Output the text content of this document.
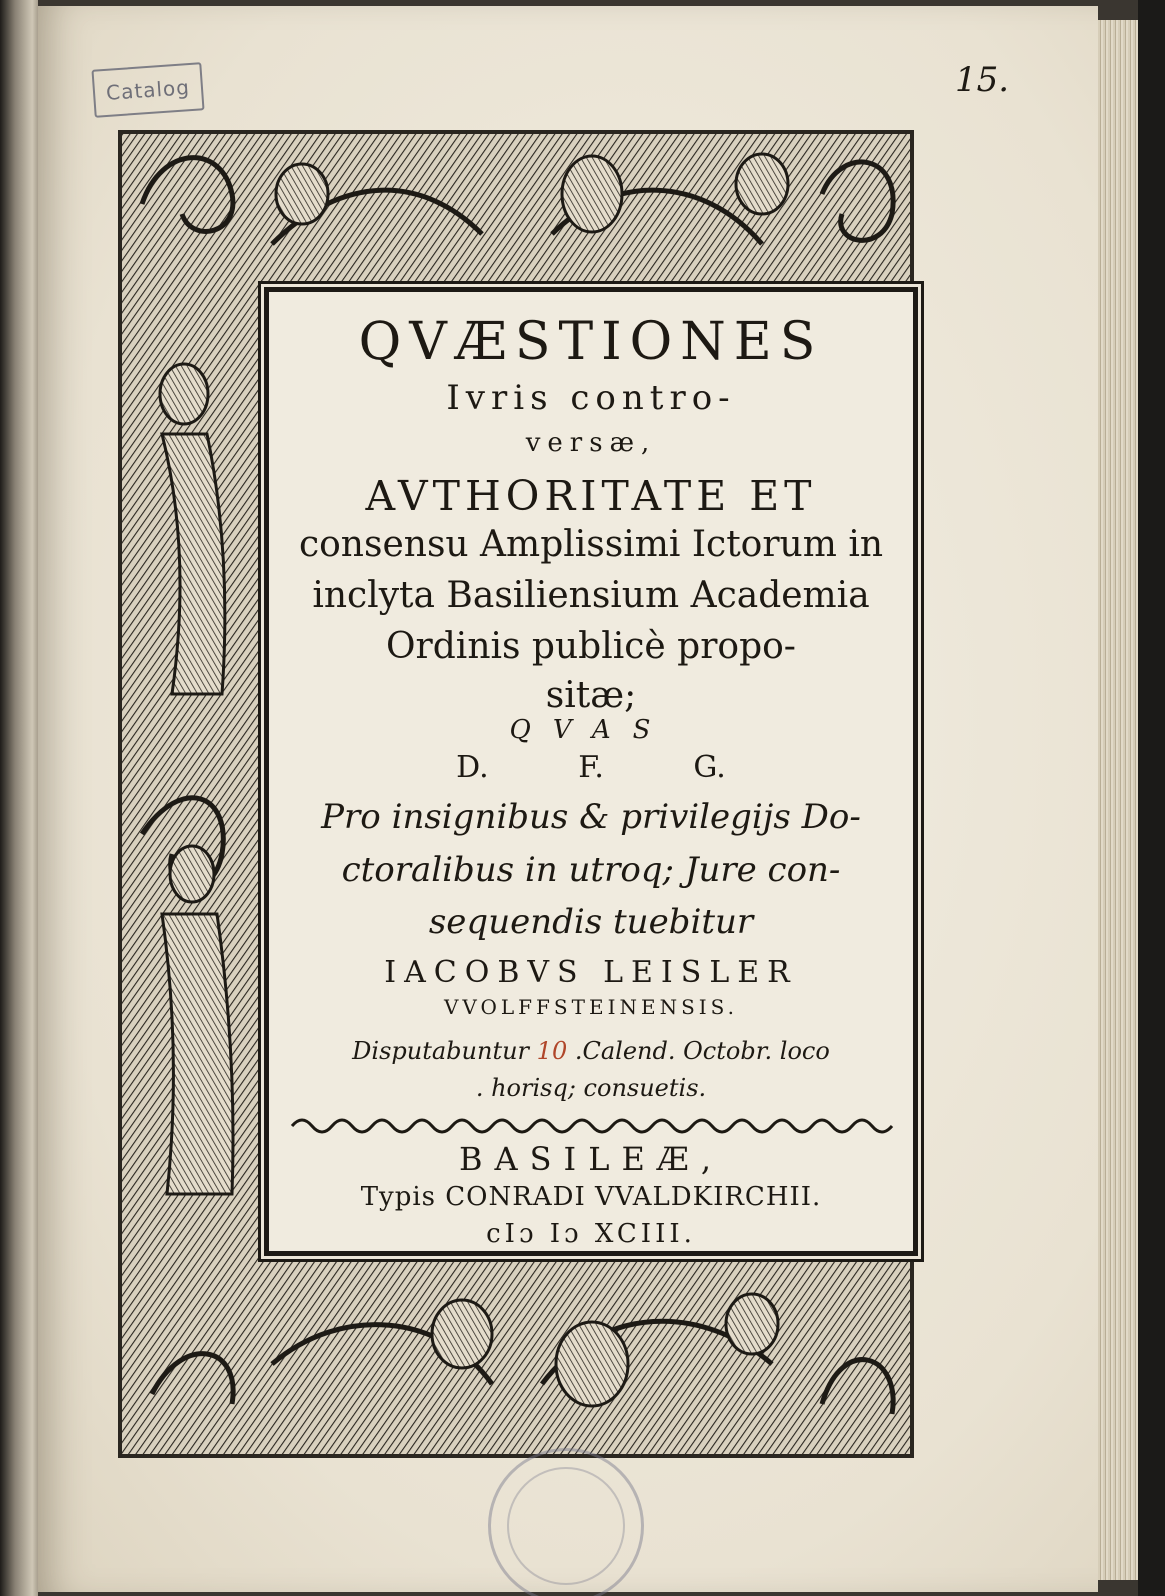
Catalog	15.
QVÆSTIONES
Ivris contro-
versæ,
AVTHORITATE ET
consensu Amplissimi Ictorum in
inclyta Basiliensium Academia
Ordinis publicè propo-
sitæ;
QVAS
D. F. G.
Pro insignibus & privilegijs Do-
ctoralibus in utroq; Jure con-
sequendis tuebitur
IACOBVS LEISLER
VVOLFFSTEINENSIS.
Disputabuntur 10 .Calend. Octobr. loco
. horisq; consuetis.
BASILEÆ,
Typis CONRADI VVALDKIRCHII.
cIɔ Iɔ XCIII.
